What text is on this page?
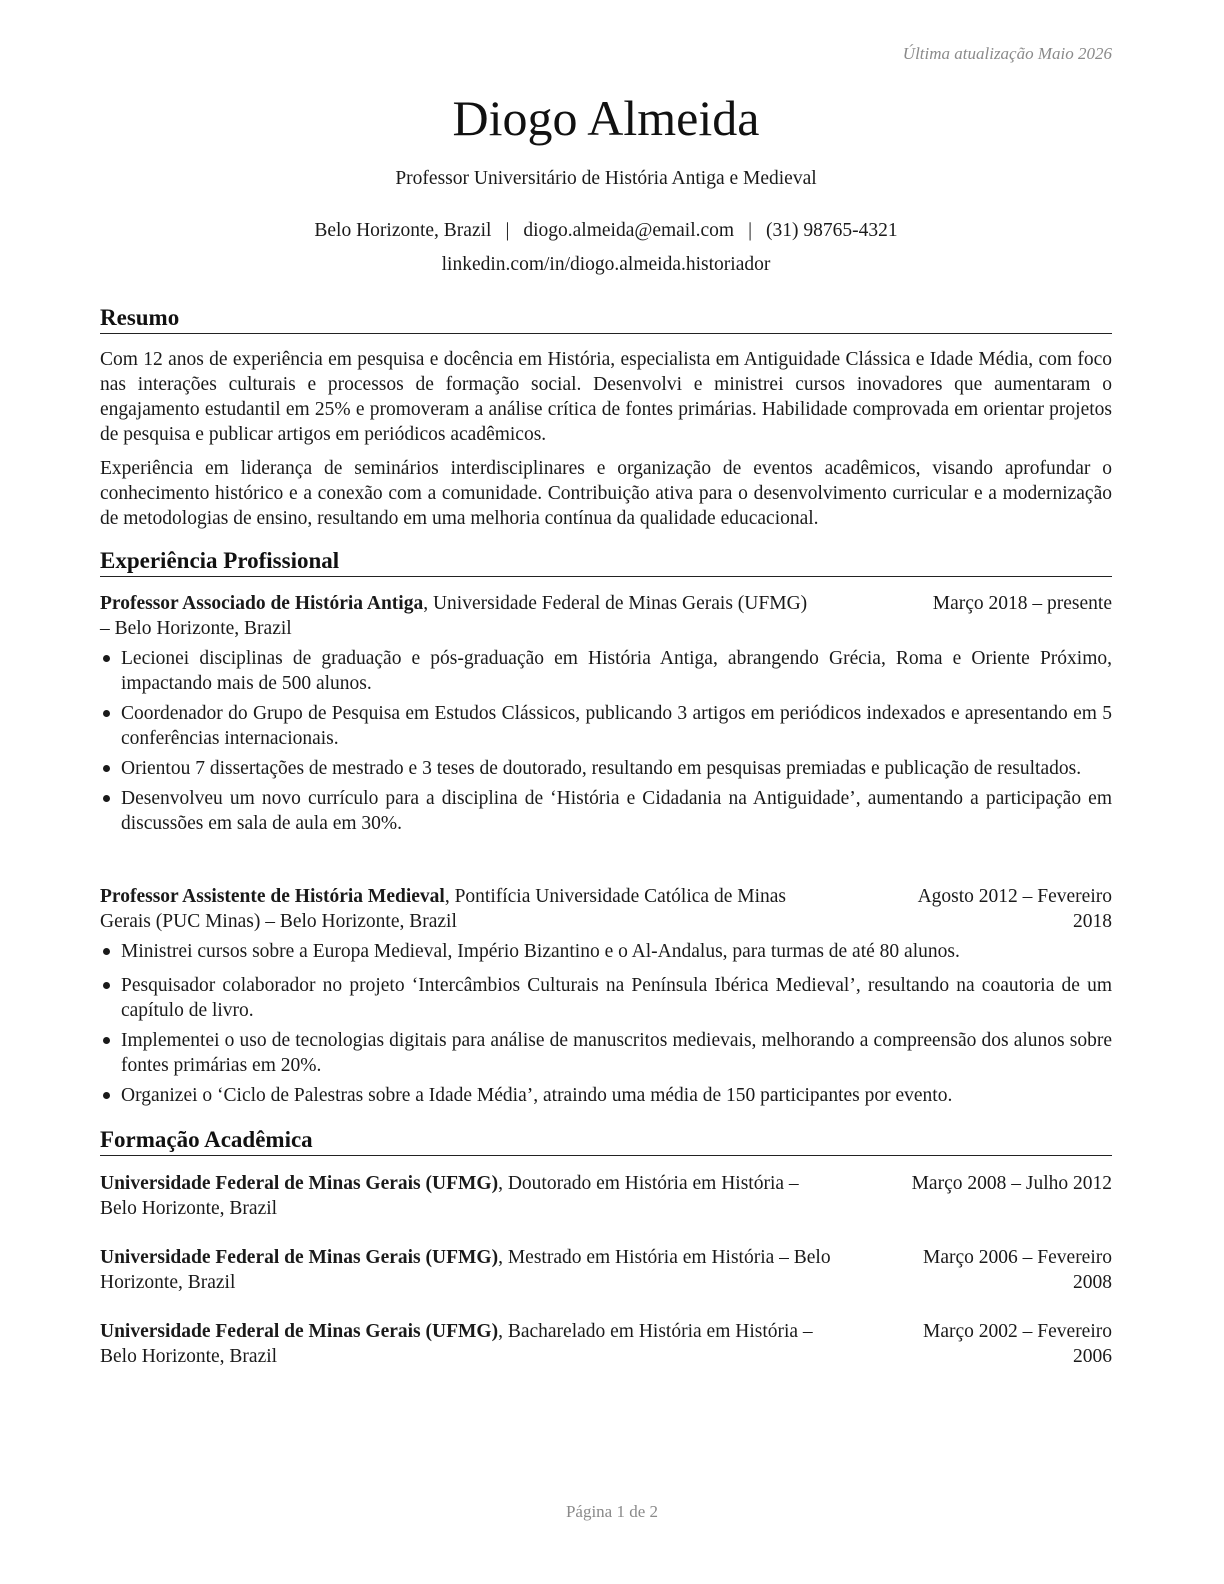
Última atualização Maio 2026
Diogo Almeida
Professor Universitário de História Antiga e Medieval
Belo Horizonte, Brazil | diogo.almeida@email.com | (31) 98765-4321
linkedin.com/in/diogo.almeida.historiador
Resumo
Com 12 anos de experiência em pesquisa e docência em História, especialista em Antiguidade Clássica e Idade Média, com foco nas interações culturais e processos de formação social. Desenvolvi e ministrei cursos inovadores que aumentaram o engajamento estudantil em 25% e promoveram a análise crítica de fontes primárias. Habilidade comprovada em orientar projetos de pesquisa e publicar artigos em periódicos acadêmicos.
Experiência em liderança de seminários interdisciplinares e organização de eventos acadêmicos, visando aprofundar o conhecimento histórico e a conexão com a comunidade. Contribuição ativa para o desenvolvimento curricular e a modernização de metodologias de ensino, resultando em uma melhoria contínua da qualidade educacional.
Experiência Profissional
Professor Associado de História Antiga, Universidade Federal de Minas Gerais (UFMG)
– Belo Horizonte, Brazil
Março 2018 – presente

Lecionei disciplinas de graduação e pós-graduação em História Antiga, abrangendo Grécia, Roma e Oriente Próximo, impactando mais de 500 alunos.
Coordenador do Grupo de Pesquisa em Estudos Clássicos, publicando 3 artigos em periódicos indexados e apresentando em 5 conferências internacionais.
Orientou 7 dissertações de mestrado e 3 teses de doutorado, resultando em pesquisas premiadas e publicação de resultados.
Desenvolveu um novo currículo para a disciplina de ‘História e Cidadania na Antiguidade’, aumentando a participação em discussões em sala de aula em 30%.
Professor Assistente de História Medieval, Pontifícia Universidade Católica de Minas
Gerais (PUC Minas) – Belo Horizonte, Brazil
Agosto 2012 – Fevereiro
2018
Ministrei cursos sobre a Europa Medieval, Império Bizantino e o Al-Andalus, para turmas de até 80 alunos.
Pesquisador colaborador no projeto ‘Intercâmbios Culturais na Península Ibérica Medieval’, resultando na coautoria de um capítulo de livro.
Implementei o uso de tecnologias digitais para análise de manuscritos medievais, melhorando a compreensão dos alunos sobre fontes primárias em 20%.
Organizei o ‘Ciclo de Palestras sobre a Idade Média’, atraindo uma média de 150 participantes por evento.
Formação Acadêmica
Universidade Federal de Minas Gerais (UFMG), Doutorado em História em História –
Belo Horizonte, Brazil
Março 2008 – Julho 2012

Universidade Federal de Minas Gerais (UFMG), Mestrado em História em História – Belo
Horizonte, Brazil
Março 2006 – Fevereiro
2008
Universidade Federal de Minas Gerais (UFMG), Bacharelado em História em História –
Belo Horizonte, Brazil
Março 2002 – Fevereiro
2006
Página 1 de 2
